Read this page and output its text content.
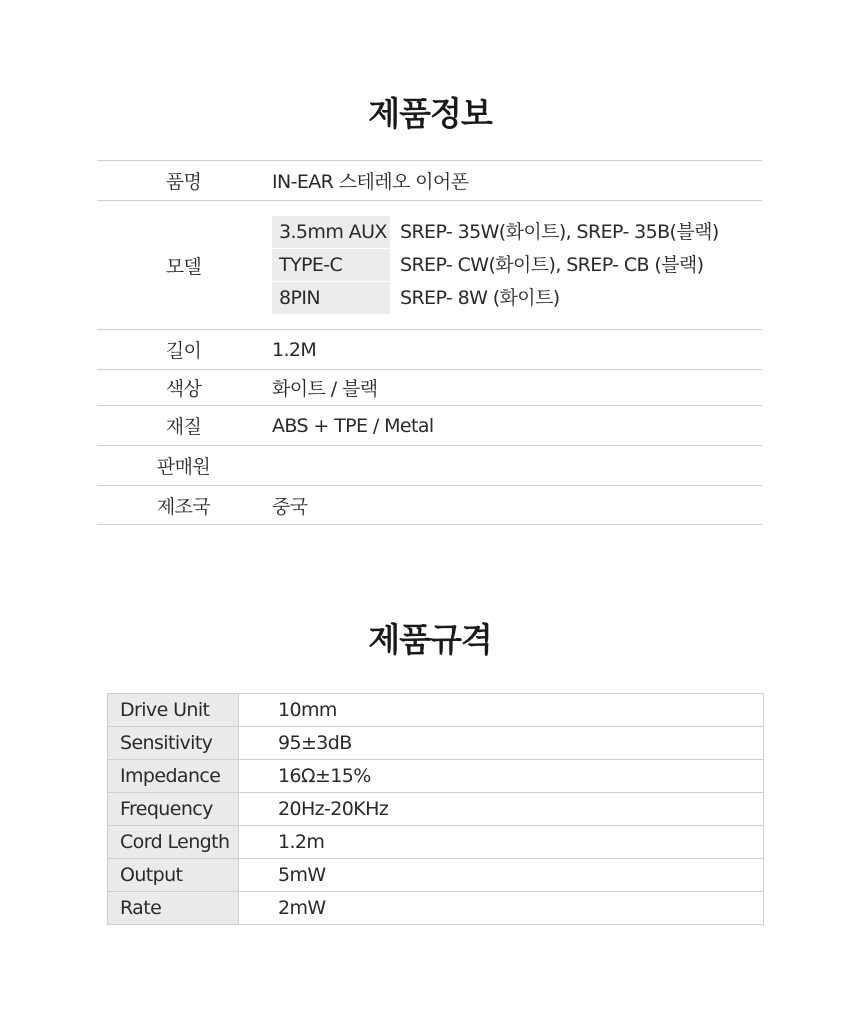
제품정보
품명	IN-EAR 스테레오 이어폰
모델
3.5mm AUX SREP- 35W(화이트), SREP- 35B(블랙)
TYPE-C	SREP- CW(화이트), SREP- CB (블랙)
8PIN	SREP- 8W (화이트)
길이	1.2M
색상	화이트 / 블랙
재질	ABS + TPE / Metal
판매원
제조국	중국
제품규격
Drive Unit	10mm
Sensitivity	95±3dB
Impedance	16Ω±15%
Frequency	20Hz-20KHz
Cord Length	1.2m
Output	5mW
Rate	2mW
